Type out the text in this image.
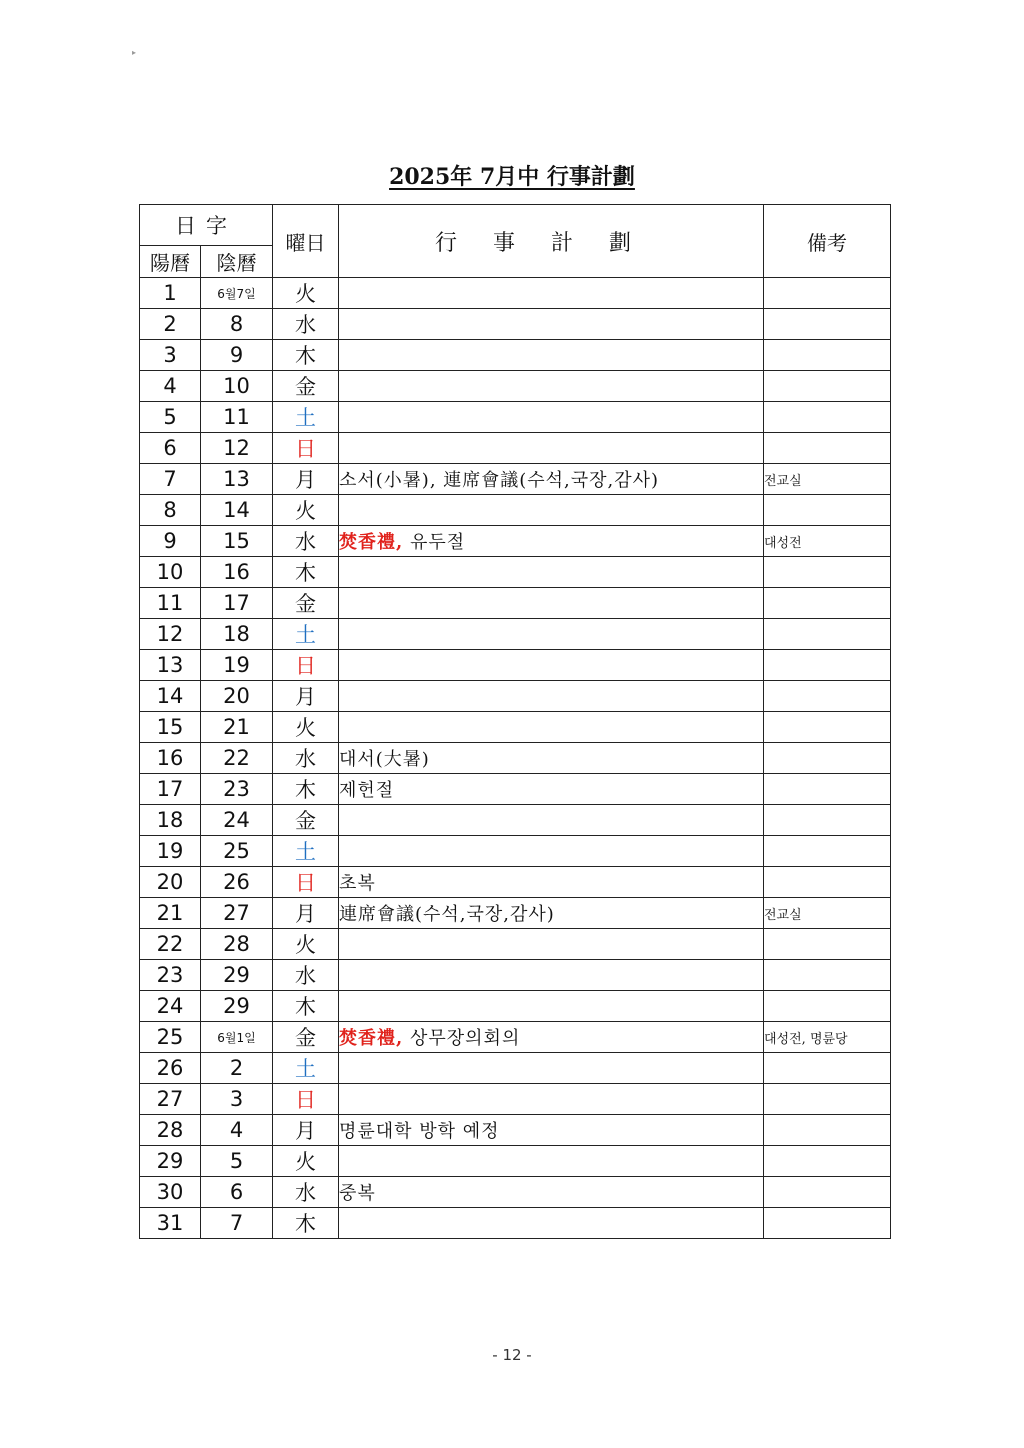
▸
2025年 7月中 行事計劃
日字		曜日	行事計劃	備考
陽曆	陰曆			
1	6월7일	火		
2	8	水		
3	9	木		
4	10	金		
5	11	土		
6	12	日		
7	13	月	소서(小暑), 連席會議(수석,국장,감사)	전교실
8	14	火		
9	15	水	焚香禮, 유두절	대성전
10	16	木		
11	17	金		
12	18	土		
13	19	日		
14	20	月		
15	21	火		
16	22	水	대서(大暑)	
17	23	木	제헌절	
18	24	金		
19	25	土		
20	26	日	초복	
21	27	月	連席會議(수석,국장,감사)	전교실
22	28	火		
23	29	水		
24	29	木		
25	6월1일	金	焚香禮, 상무장의회의	대성전, 명륜당
26	2	土		
27	3	日		
28	4	月	명륜대학 방학 예정	
29	5	火		
30	6	水	중복	
31	7	木		
- 12 -
